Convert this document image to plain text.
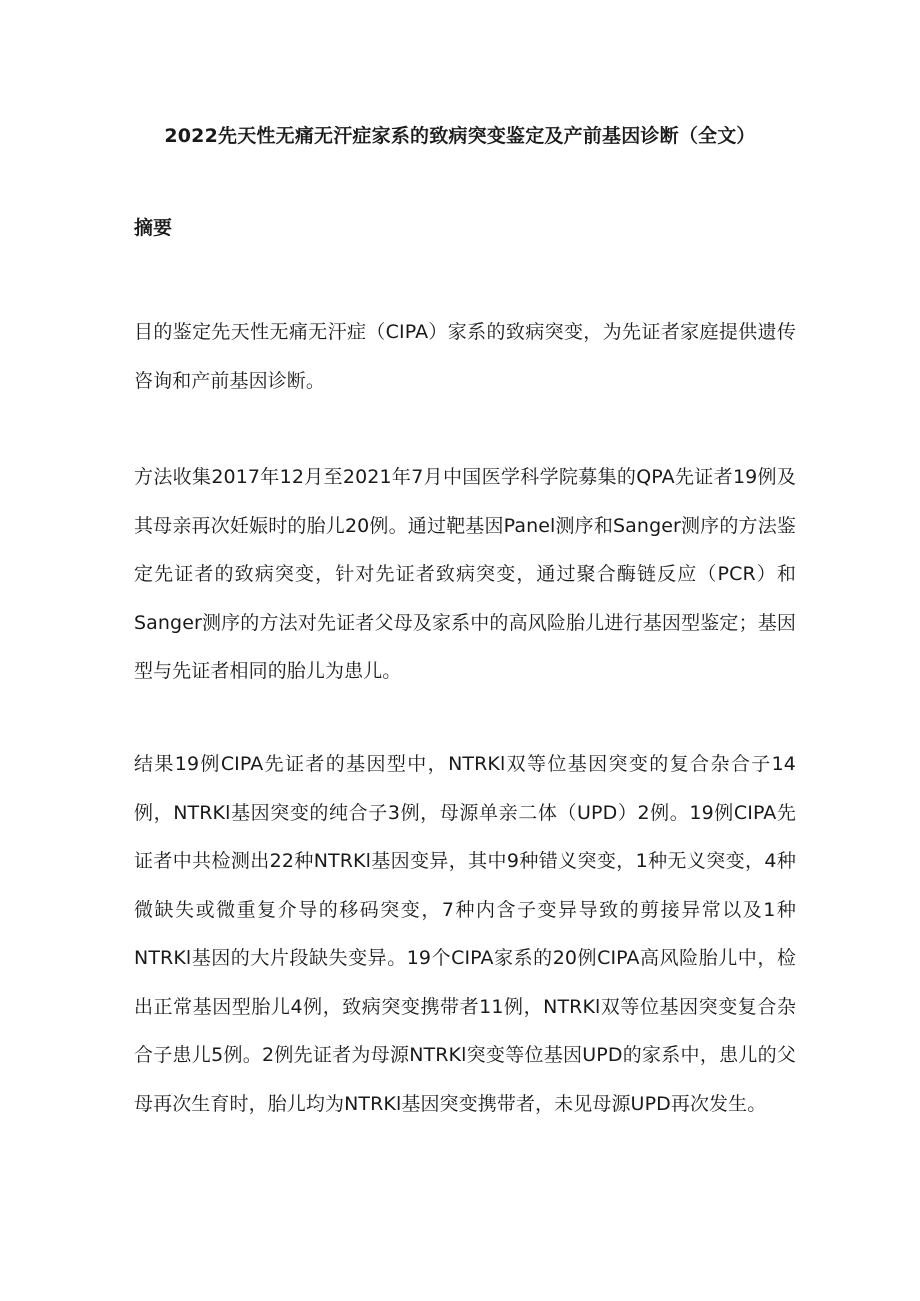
2022先天性无痛无汗症家系的致病突变鉴定及产前基因诊断（全文）
摘要

目的鉴定先天性无痛无汗症（CIPA）家系的致病突变，为先证者家庭提供遗传咨询和产前基因诊断。

方法收集2017年12月至2021年7月中国医学科学院募集的QPA先证者19例及其母亲再次妊娠时的胎儿20例。通过靶基因Panel测序和Sanger测序的方法鉴定先证者的致病突变，针对先证者致病突变，通过聚合酶链反应（PCR）和Sanger测序的方法对先证者父母及家系中的高风险胎儿进行基因型鉴定；基因型与先证者相同的胎儿为患儿。

结果19例CIPA先证者的基因型中，NTRKl双等位基因突变的复合杂合子14例，NTRKl基因突变的纯合子3例，母源单亲二体（UPD）2例。19例CIPA先证者中共检测出22种NTRKl基因变异，其中9种错义突变，1种无义突变，4种微缺失或微重复介导的移码突变，7种内含子变异导致的剪接异常以及1种NTRKl基因的大片段缺失变异。19个CIPA家系的20例CIPA高风险胎儿中，检出正常基因型胎儿4例，致病突变携带者11例，NTRKl双等位基因突变复合杂合子患儿5例。2例先证者为母源NTRKl突变等位基因UPD的家系中，患儿的父母再次生育时，胎儿均为NTRKl基因突变携带者，未见母源UPD再次发生。
